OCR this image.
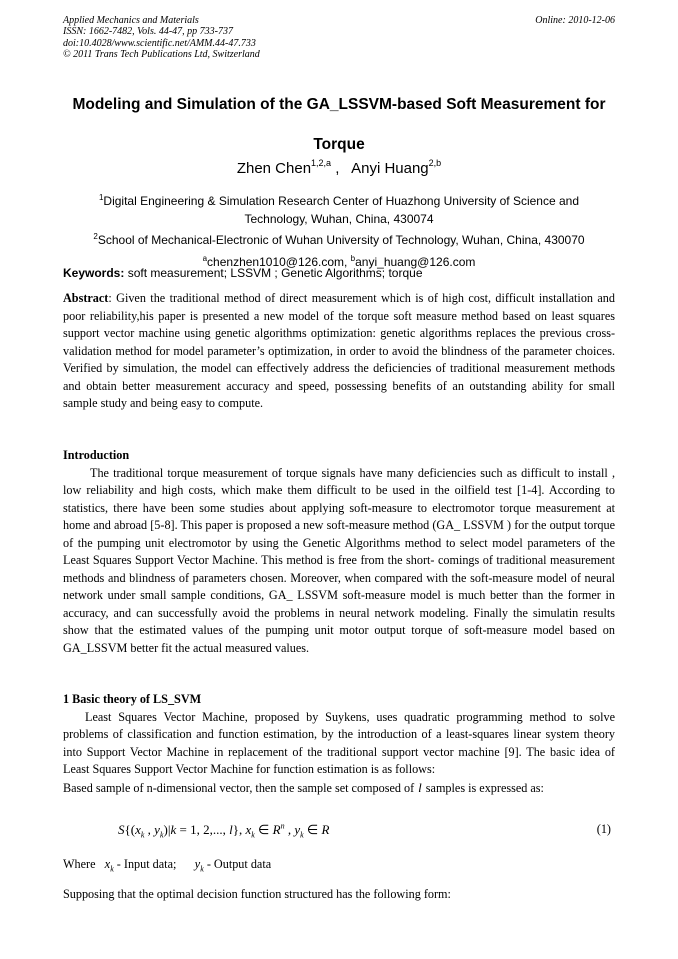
Applied Mechanics and Materials
ISSN: 1662-7482, Vols. 44-47, pp 733-737
doi:10.4028/www.scientific.net/AMM.44-47.733
© 2011 Trans Tech Publications Ltd, Switzerland
Online: 2010-12-06
Modeling and Simulation of the GA_LSSVM-based Soft Measurement for
Torque
Zhen Chen$^{1,2,a}$ ,   Anyi Huang$^{2,b}$
$^1$Digital Engineering & Simulation Research Center of Huazhong University of Science and
Technology, Wuhan, China, 430074
$^2$School of Mechanical-Electronic of Wuhan University of Technology, Wuhan, China, 430070
$^a$chenzhen1010@126.com, $^b$anyi_huang@126.com
Keywords: soft measurement; LSSVM ; Genetic Algorithms; torque
Abstract: Given the traditional method of direct measurement which is of high cost, difficult installation and poor reliability,his paper is presented a new model of the torque soft measure method based on least squares support vector machine using genetic algorithms optimization: genetic algorithms replaces the previous cross-validation method for model parameter’s optimization, in order to avoid the blindness of the parameter choices. Verified by simulation, the model can effectively address the deficiencies of traditional measurement methods and obtain better measurement accuracy and speed, possessing benefits of an outstanding ability for small sample study and being easy to compute.
Introduction

The traditional torque measurement of torque signals have many deficiencies such as difficult to install , low reliability and high costs, which make them difficult to be used in the oilfield test [1-4]. According to statistics, there have been some studies about applying soft-measure to electromotor torque measurement at home and abroad [5-8]. This paper is proposed a new soft-measure method (GA_ LSSVM ) for the output torque of the pumping unit electromotor by using the Genetic Algorithms method to select model parameters of the Least Squares Support Vector Machine. This method is free from the short- comings of traditional measurement methods and blindness of parameters chosen. Moreover, when compared with the soft-measure model of neural network under small sample conditions, GA_ LSSVM soft-measure model is much better than the former in accuracy, and can successfully avoid the problems in neural network modeling. Finally the simulatin results show that the estimated values of the pumping unit motor output torque of soft-measure model based on GA_LSSVM better fit the actual measured values.

1 Basic theory of LS_SVM

Least Squares Vector Machine, proposed by Suykens, uses quadratic programming method to solve problems of classification and function estimation, by the introduction of a least-squares linear system theory into Support Vector Machine in replacement of the traditional support vector machine [9]. The basic idea of Least Squares Support Vector Machine for function estimation is as follows:

Based sample of n-dimensional vector, then the sample set composed of l samples is expressed as:
$S\{(x_k$ , $y_k)|k = 1$, 2,..., l}, $x_k$ ∈ $R^n$ , $y_k$ ∈ R	(1)
Where $x_k$ - Input data; $y_k$ - Output data
Supposing that the optimal decision function structured has the following form:
